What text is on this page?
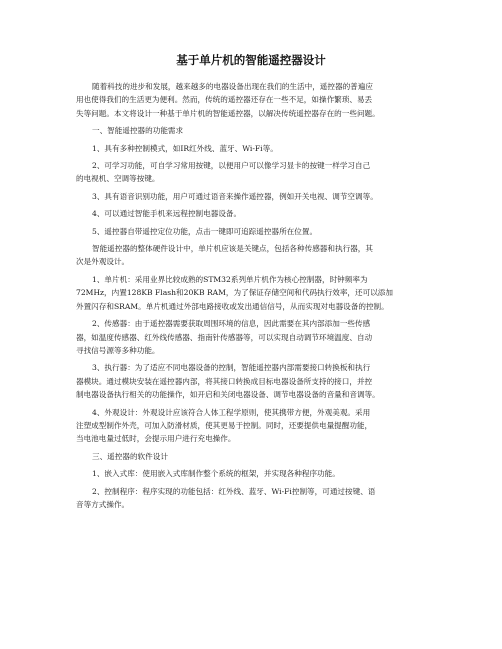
基于单片机的智能遥控器设计
随着科技的进步和发展，越来越多的电器设备出现在我们的生活中，遥控器的普遍应
用也使得我们的生活更为便利。然而，传统的遥控器还存在一些不足，如操作繁琐、易丢
失等问题。本文将设计一种基于单片机的智能遥控器，以解决传统遥控器存在的一些问题。
一、智能遥控器的功能需求
1、具有多种控制模式，如IR红外线、蓝牙、Wi-Fi等。
2、可学习功能，可自学习常用按键，以便用户可以像学习显卡的按键一样学习自己
的电视机、空调等按键。
3、具有语音识别功能，用户可通过语音来操作遥控器，例如开关电视、调节空调等。
4、可以通过智能手机来远程控制电器设备。
5、遥控器自带遥控定位功能，点击一键即可追踪遥控器所在位置。
智能遥控器的整体硬件设计中，单片机应该是关键点，包括各种传感器和执行器，其
次是外观设计。
1、单片机：采用业界比较成熟的STM32系列单片机作为核心控制器，时钟频率为
72MHz，内置128KB Flash和20KB RAM，为了保证存储空间和代码执行效率，还可以添加
外置闪存和SRAM。单片机通过外部电路接收或发出通信信号，从而实现对电器设备的控制。
2、传感器：由于遥控器需要获取周围环境的信息，因此需要在其内部添加一些传感
器，如温度传感器、红外线传感器、指南针传感器等，可以实现自动调节环境温度、自动
寻找信号源等多种功能。
3、执行器：为了适应不同电器设备的控制，智能遥控器内部需要接口转换板和执行
器模块。通过模块安装在遥控器内部，将其接口转换成目标电器设备所支持的接口，并控
制电器设备执行相关的功能操作，如开启和关闭电器设备、调节电器设备的音量和音调等。
4、外观设计：外观设计应该符合人体工程学原则，使其携带方便，外观美观。采用
注塑成型制作外壳，可加入防滑材质，使其更易于控制。同时，还要提供电量提醒功能，
当电池电量过低时，会提示用户进行充电操作。
三、遥控器的软件设计
1、嵌入式库：使用嵌入式库制作整个系统的框架，并实现各种程序功能。
2、控制程序：程序实现的功能包括：红外线、蓝牙、Wi-Fi控制等，可通过按键、语
音等方式操作。
